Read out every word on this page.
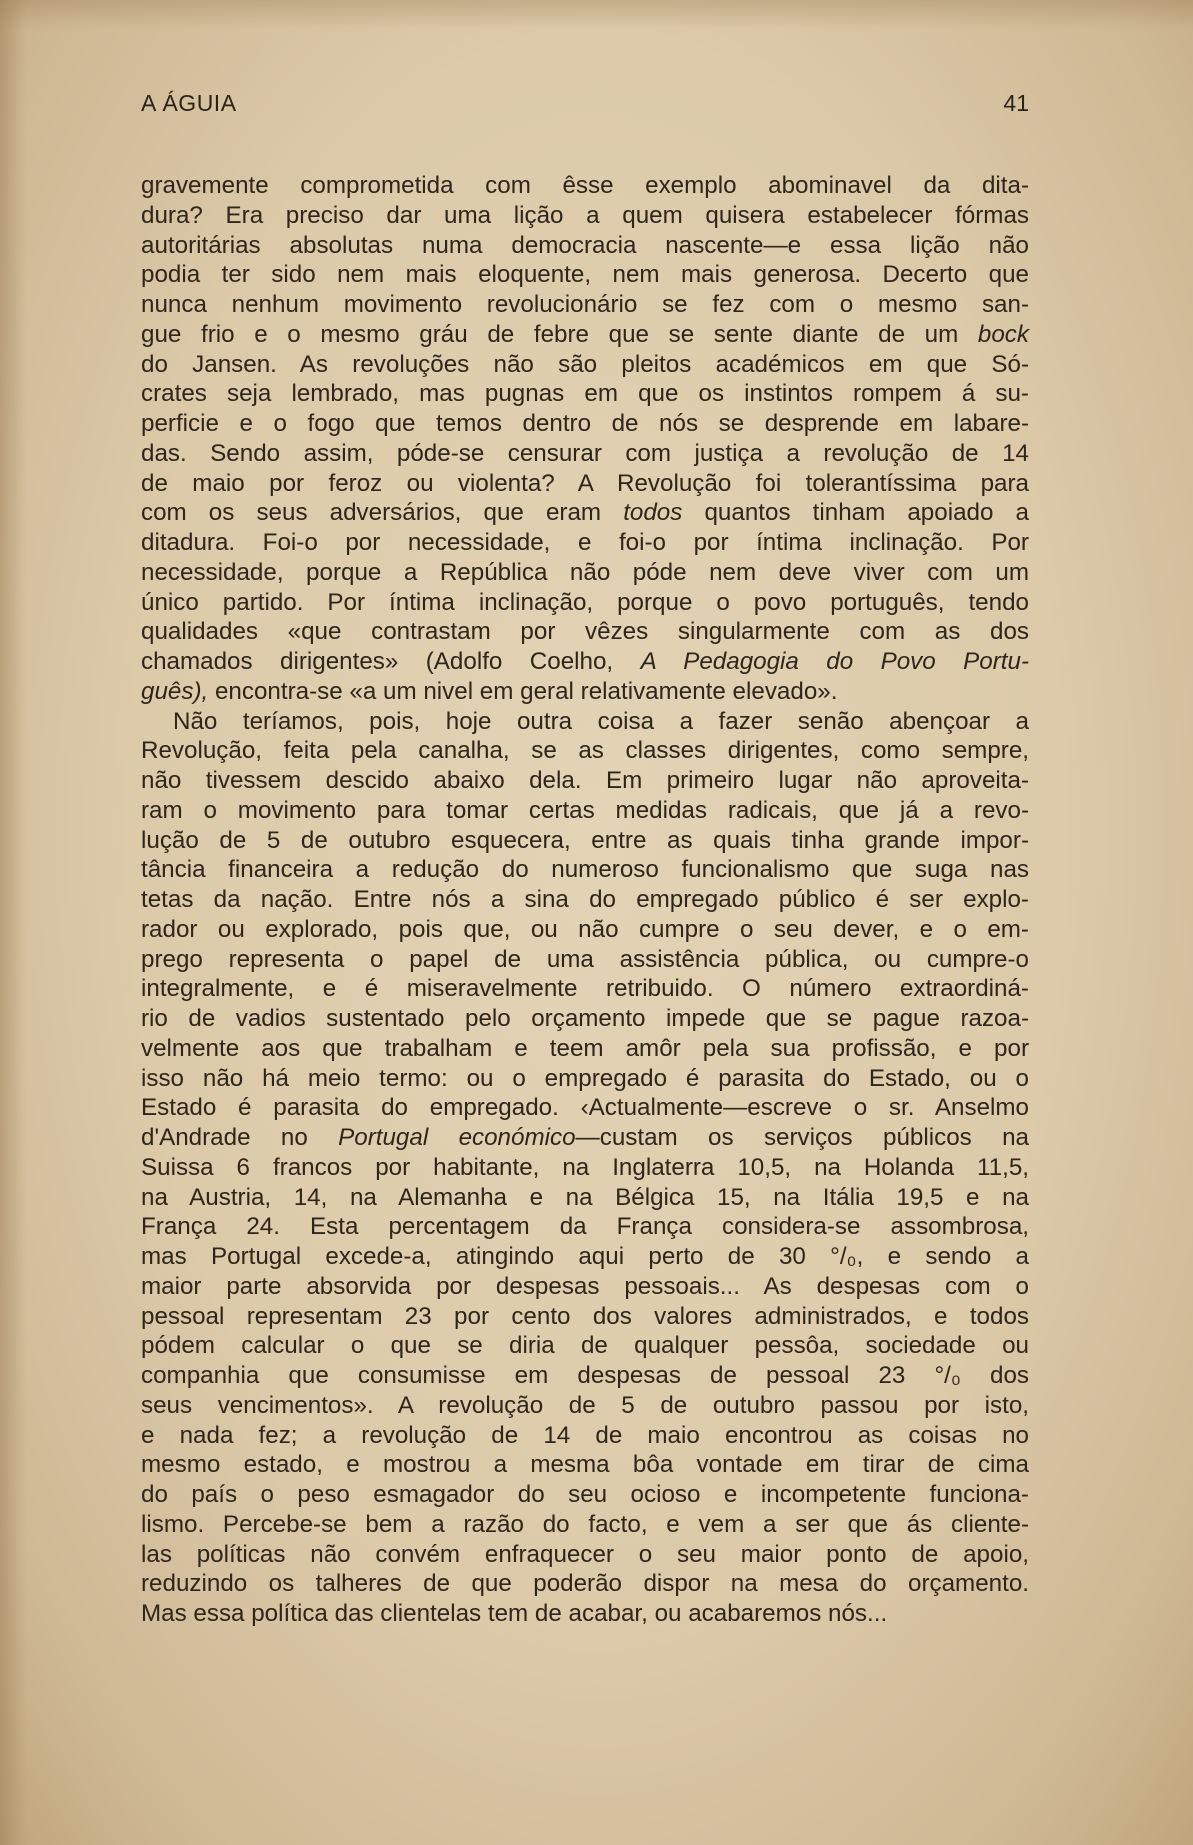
A ÁGUIA	41

gravemente comprometida com êsse exemplo abominavel da dita-
dura? Era preciso dar uma lição a quem quisera estabelecer fórmas
autoritárias absolutas numa democracia nascente—e essa lição não
podia ter sido nem mais eloquente, nem mais generosa. Decerto que
nunca nenhum movimento revolucionário se fez com o mesmo san-
gue frio e o mesmo gráu de febre que se sente diante de um bock
do Jansen. As revoluções não são pleitos académicos em que Só-
crates seja lembrado, mas pugnas em que os instintos rompem á su-
perficie e o fogo que temos dentro de nós se desprende em labare-
das. Sendo assim, póde-se censurar com justiça a revolução de 14
de maio por feroz ou violenta? A Revolução foi tolerantíssima para
com os seus adversários, que eram todos quantos tinham apoiado a
ditadura. Foi-o por necessidade, e foi-o por íntima inclinação. Por
necessidade, porque a República não póde nem deve viver com um
único partido. Por íntima inclinação, porque o povo português, tendo
qualidades «que contrastam por vêzes singularmente com as dos
chamados dirigentes» (Adolfo Coelho, A Pedagogia do Povo Portu-
guês), encontra-se «a um nivel em geral relativamente elevado».

Não teríamos, pois, hoje outra coisa a fazer senão abençoar a
Revolução, feita pela canalha, se as classes dirigentes, como sempre,
não tivessem descido abaixo dela. Em primeiro lugar não aproveita-
ram o movimento para tomar certas medidas radicais, que já a revo-
lução de 5 de outubro esquecera, entre as quais tinha grande impor-
tância financeira a redução do numeroso funcionalismo que suga nas
tetas da nação. Entre nós a sina do empregado público é ser explo-
rador ou explorado, pois que, ou não cumpre o seu dever, e o em-
prego representa o papel de uma assistência pública, ou cumpre-o
integralmente, e é miseravelmente retribuido. O número extraordiná-
rio de vadios sustentado pelo orçamento impede que se pague razoa-
velmente aos que trabalham e teem amôr pela sua profissão, e por
isso não há meio termo: ou o empregado é parasita do Estado, ou o
Estado é parasita do empregado. ‹Actualmente—escreve o sr. Anselmo
d'Andrade no Portugal económico—custam os serviços públicos na
Suissa 6 francos por habitante, na Inglaterra 10,5, na Holanda 11,5,
na Austria, 14, na Alemanha e na Bélgica 15, na Itália 19,5 e na
França 24. Esta percentagem da França considera-se assombrosa,
mas Portugal excede-a, atingindo aqui perto de 30 °/₀, e sendo a
maior parte absorvida por despesas pessoais... As despesas com o
pessoal representam 23 por cento dos valores administrados, e todos
pódem calcular o que se diria de qualquer pessôa, sociedade ou
companhia que consumisse em despesas de pessoal 23 °/₀ dos
seus vencimentos». A revolução de 5 de outubro passou por isto,
e nada fez; a revolução de 14 de maio encontrou as coisas no
mesmo estado, e mostrou a mesma bôa vontade em tirar de cima
do país o peso esmagador do seu ocioso e incompetente funciona-
lismo. Percebe-se bem a razão do facto, e vem a ser que ás clientе-
las políticas não convém enfraquecer o seu maior ponto de apoio,
reduzindo os talheres de que poderão dispor na mesa do orçamento.
Mas essa política das clientelas tem de acabar, ou acabaremos nós...
